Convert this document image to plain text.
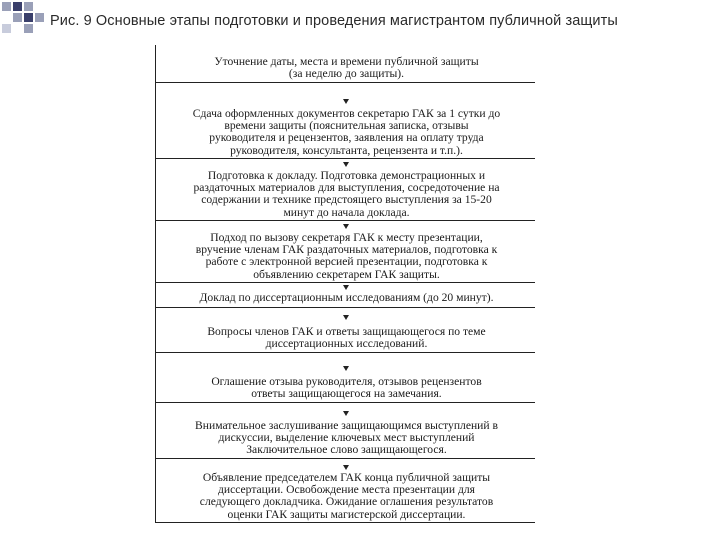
Рис. 9 Основные этапы подготовки и проведения магистрантом публичной защиты
Уточнение даты, места и времени публичной защиты
(за неделю до защиты).
Сдача оформленных документов секретарю ГАК за 1 сутки до
времени защиты (пояснительная записка, отзывы
руководителя и рецензентов, заявления на оплату труда
руководителя, консультанта, рецензента и т.п.).
Подготовка к докладу. Подготовка демонстрационных и
раздаточных материалов для выступления, сосредоточение на
содержании и технике предстоящего выступления за 15-20
минут до начала доклада.
Подход по вызову секретаря ГАК к месту презентации,
вручение членам ГАК раздаточных материалов, подготовка к
работе с электронной версией презентации, подготовка к
объявлению секретарем ГАК защиты.
Доклад по диссертационным исследованиям (до 20 минут).
Вопросы членов ГАК и ответы защищающегося по теме
диссертационных исследований.
Оглашение отзыва руководителя, отзывов рецензентов
ответы защищающегося на замечания.
Внимательное заслушивание защищающимся выступлений в
дискуссии, выделение ключевых мест выступлений
Заключительное слово защищающегося.
Объявление председателем ГАК конца публичной защиты
диссертации. Освобождение места презентации для
следующего докладчика. Ожидание оглашения результатов
оценки ГАК защиты магистерской диссертации.
